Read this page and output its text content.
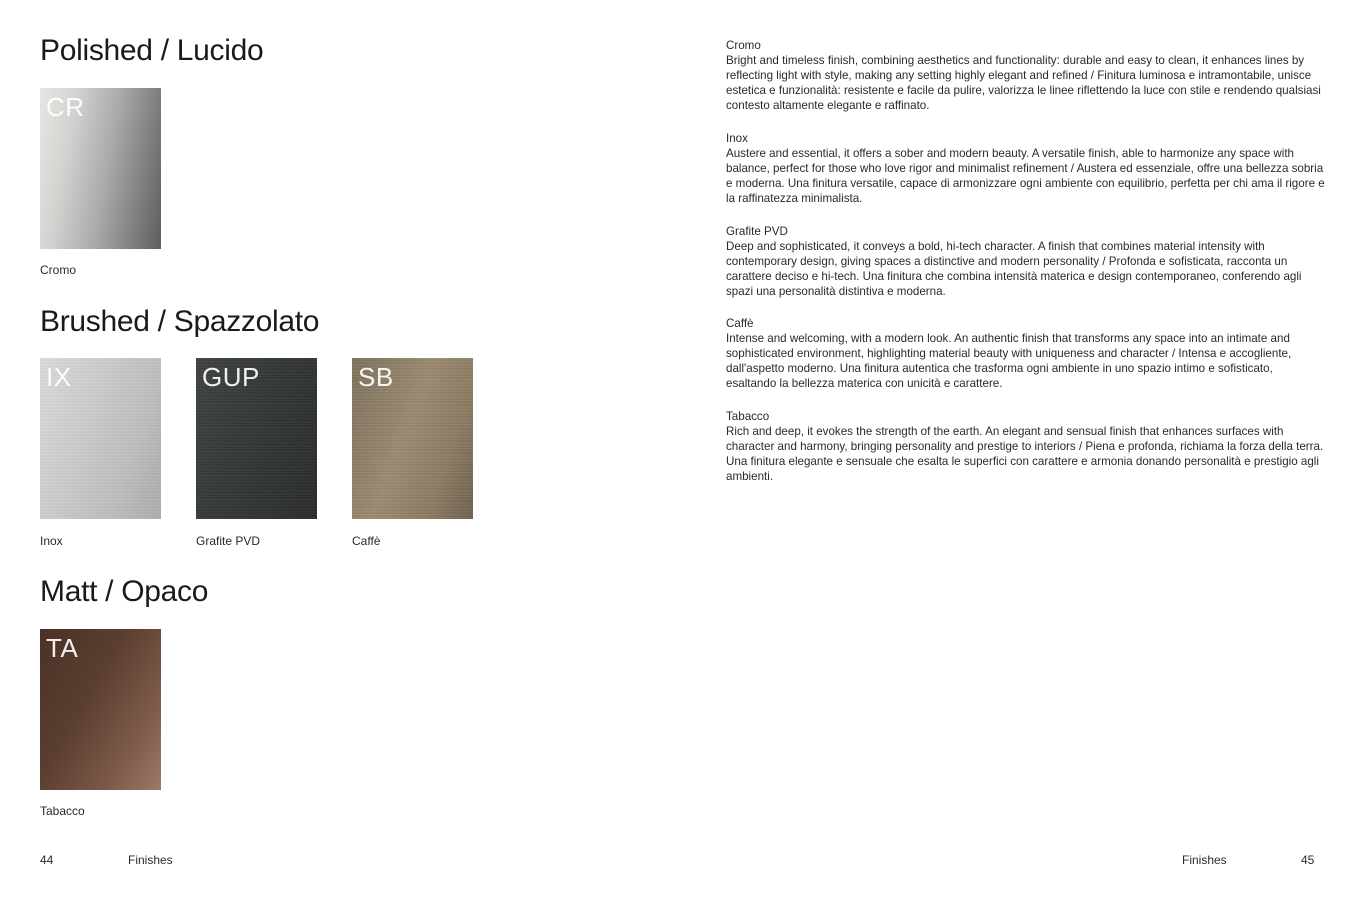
Polished / Lucido
CR
Cromo
Brushed / Spazzolato
IX
Inox
GUP
Grafite PVD
SB
Caffè
Matt / Opaco
TA
Tabacco
44	Finishes
Cromo
Bright and timeless finish, combining aesthetics and functionality: durable and easy to clean, it enhances lines by reflecting light with style, making any setting highly elegant and refined / Finitura luminosa e intramontabile, unisce estetica e funzionalità: resistente e facile da pulire, valorizza le linee riflettendo la luce con stile e rendendo qualsiasi contesto altamente elegante e raffinato.
Inox
Austere and essential, it offers a sober and modern beauty. A versatile finish, able to harmonize any space with balance, perfect for those who love rigor and minimalist refinement / Austera ed essenziale, offre una bellezza sobria e moderna. Una finitura versatile, capace di armonizzare ogni ambiente con equilibrio, perfetta per chi ama il rigore e la raffinatezza minimalista.
Grafite PVD
Deep and sophisticated, it conveys a bold, hi-tech character. A finish that combines material intensity with contemporary design, giving spaces a distinctive and modern personality / Profonda e sofisticata, racconta un carattere deciso e hi-tech. Una finitura che combina intensità materica e design contemporaneo, conferendo agli spazi una personalità distintiva e moderna.
Caffè
Intense and welcoming, with a modern look. An authentic finish that transforms any space into an intimate and sophisticated environment, highlighting material beauty with uniqueness and character / Intensa e accogliente, dall'aspetto moderno. Una finitura autentica che trasforma ogni ambiente in uno spazio intimo e sofisticato, esaltando la bellezza materica con unicità e carattere.
Tabacco
Rich and deep, it evokes the strength of the earth. An elegant and sensual finish that enhances surfaces with character and harmony, bringing personality and prestige to interiors / Piena e profonda, richiama la forza della terra. Una finitura elegante e sensuale che esalta le superfici con carattere e armonia donando personalità e prestigio agli ambienti.
Finishes	45
